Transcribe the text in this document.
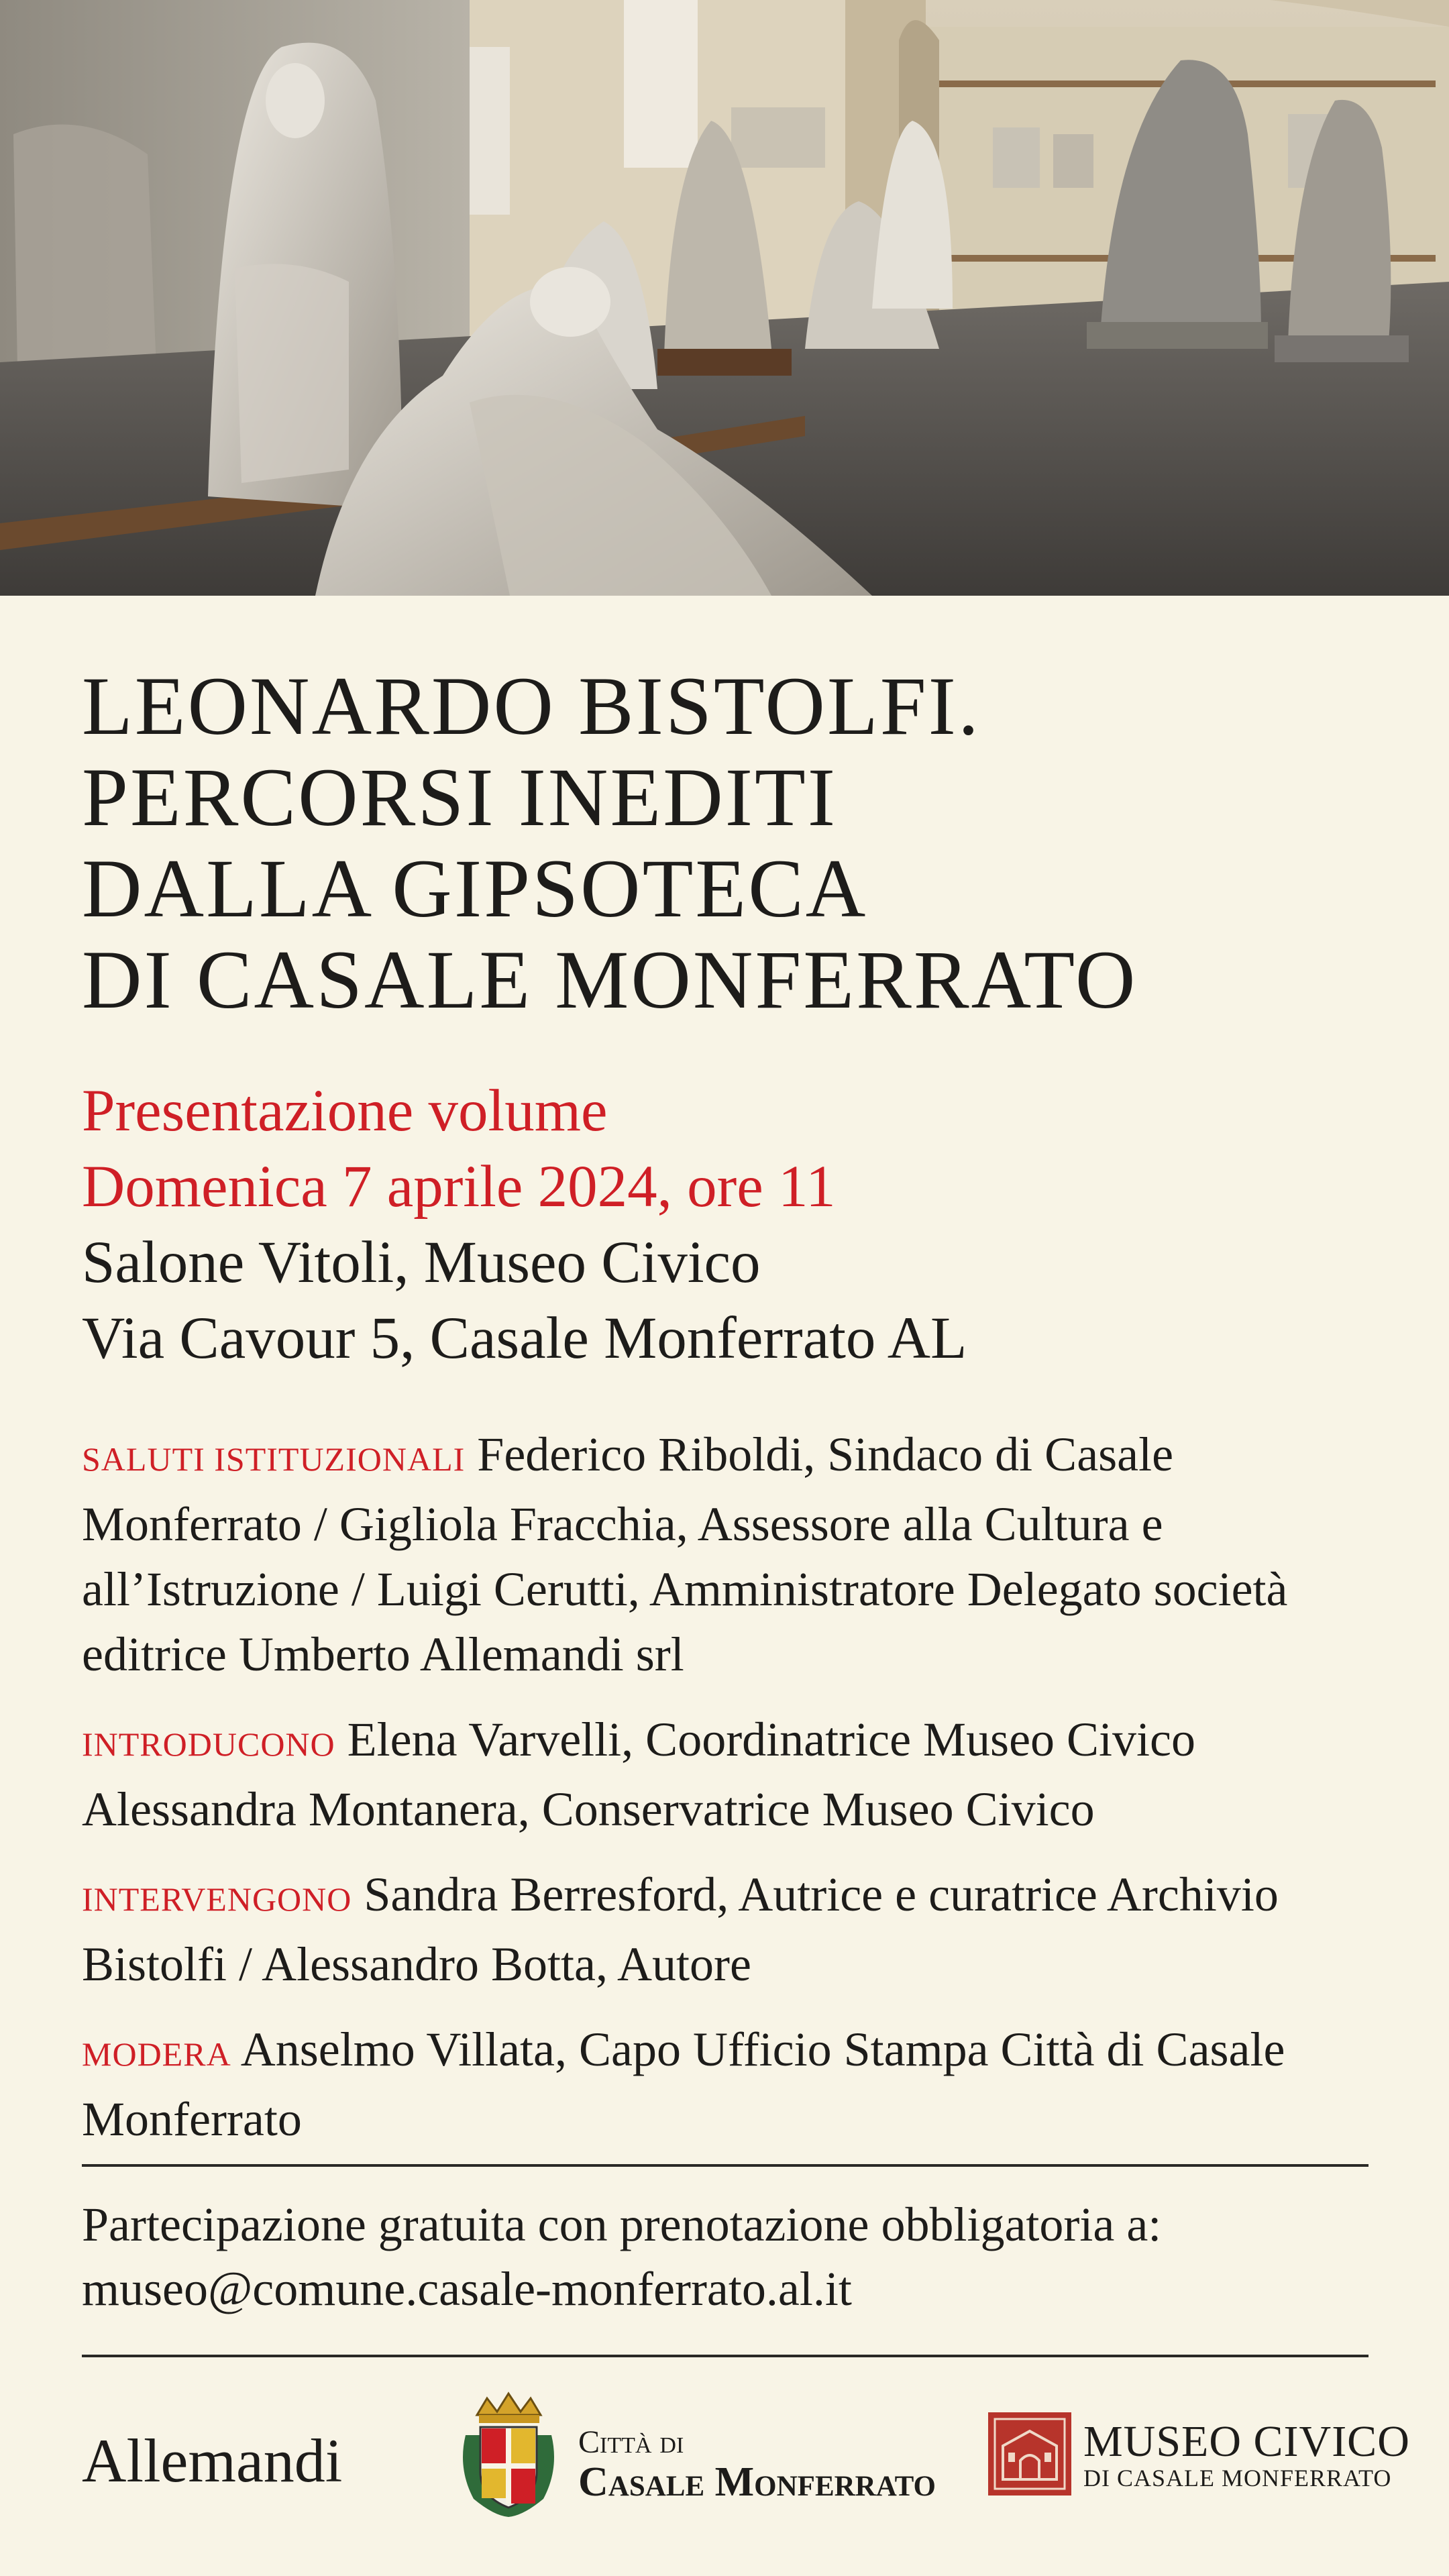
LEONARDO BISTOLFI.
PERCORSI INEDITI
DALLA GIPSOTECA
DI CASALE MONFERRATO
Presentazione volume
Domenica 7 aprile 2024, ore 11
Salone Vitoli, Museo Civico
Via Cavour 5, Casale Monferrato AL

SALUTI ISTITUZIONALI Federico Riboldi, Sindaco di Casale Monferrato / Gigliola Fracchia, Assessore alla Cultura e all’Istruzione / Luigi Cerutti, Amministratore Delegato società editrice Umberto Allemandi srl

INTRODUCONO Elena Varvelli, Coordinatrice Museo Civico Alessandra Montanera, Conservatrice Museo Civico

INTERVENGONO Sandra Berresford, Autrice e curatrice Archivio Bistolfi / Alessandro Botta, Autore

MODERA Anselmo Villata, Capo Ufficio Stampa Città di Casale Monferrato

Partecipazione gratuita con prenotazione obbligatoria a:
museo@comune.casale-monferrato.al.it
Allemandi	Città di
Casale Monferrato
MUSEO CIVICO
DI CASALE MONFERRATO
